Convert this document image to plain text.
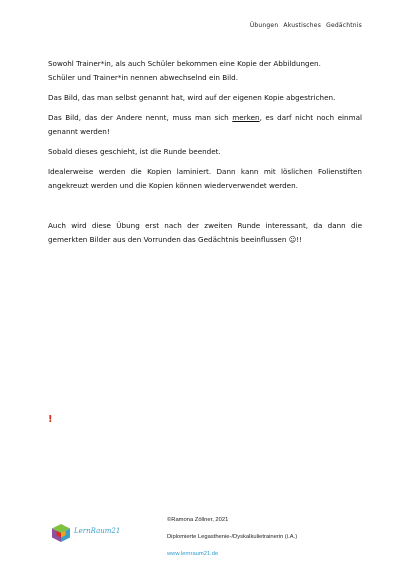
Übungen Akustisches Gedächtnis

Sowohl Trainer*in, als auch Schüler bekommen eine Kopie der Abbildungen.

Schüler und Trainer*in nennen abwechselnd ein Bild.

Das Bild, das man selbst genannt hat, wird auf der eigenen Kopie abgestrichen.

Das Bild, das der Andere nennt, muss man sich merken, es darf nicht noch einmal genannt werden!

Sobald dieses geschieht, ist die Runde beendet.

Idealerweise werden die Kopien laminiert. Dann kann mit löslichen Folienstiften angekreuzt werden und die Kopien können wiederverwendet werden.

Auch wird diese Übung erst nach der zweiten Runde interessant, da dann die gemerkten Bilder aus den Vorrunden das Gedächtnis beeinflussen ☺!!

!
LernRaum21
©Ramona Zöllner, 2021
Diplomierte Legasthenie-/Dyskalkulietrainerin (i.A.)
www.lernraum21.de
